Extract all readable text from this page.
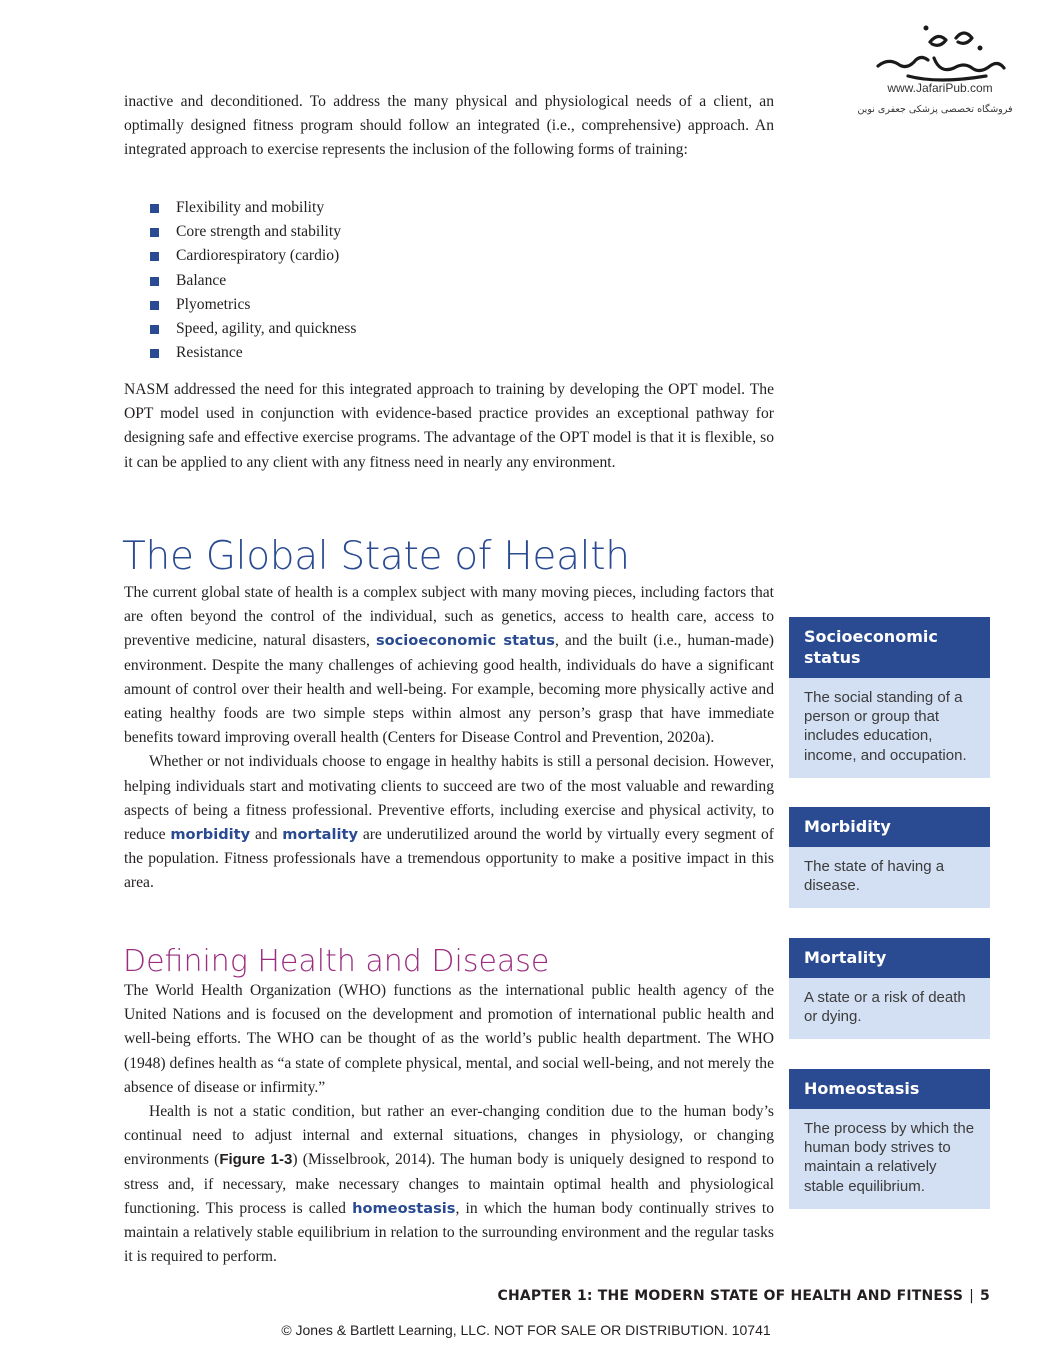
www.JafariPub.com
فروشگاه تخصصی پزشکی جعفری نوین

inactive and deconditioned. To address the many physical and physiological needs of a client, an optimally designed fitness program should follow an integrated (i.e., comprehensive) approach. An integrated approach to exercise represents the inclusion of the following forms of training:

Flexibility and mobility
Core strength and stability
Cardiorespiratory (cardio)
Balance
Plyometrics
Speed, agility, and quickness
Resistance

NASM addressed the need for this integrated approach to training by developing the OPT model. The OPT model used in conjunction with evidence-based practice provides an exceptional pathway for designing safe and effective exercise programs. The advantage of the OPT model is that it is flexible, so it can be applied to any client with any fitness need in nearly any environment.

The Global State of Health

The current global state of health is a complex subject with many moving pieces, including factors that are often beyond the control of the individual, such as genetics, access to health care, access to preventive medicine, natural disasters, socioeconomic status, and the built (i.e., human-made) environment. Despite the many challenges of achieving good health, individuals do have a significant amount of control over their health and well-being. For example, becoming more physically active and eating healthy foods are two simple steps within almost any person’s grasp that have immediate benefits toward improving overall health (Centers for Disease Control and Prevention, 2020a).

Whether or not individuals choose to engage in healthy habits is still a personal decision. However, helping individuals start and motivating clients to succeed are two of the most valuable and rewarding aspects of being a fitness professional. Preventive efforts, including exercise and physical activity, to reduce morbidity and mortality are underutilized around the world by virtually every segment of the population. Fitness professionals have a tremendous opportunity to make a positive impact in this area.

Defining Health and Disease

The World Health Organization (WHO) functions as the international public health agency of the United Nations and is focused on the development and promotion of international public health and well-being efforts. The WHO can be thought of as the world’s public health department. The WHO (1948) defines health as “a state of complete physical, mental, and social well-being, and not merely the absence of disease or infirmity.”

Health is not a static condition, but rather an ever-changing condition due to the human body’s continual need to adjust internal and external situations, changes in physiology, or changing environments (Figure 1-3) (Misselbrook, 2014). The human body is uniquely designed to respond to stress and, if necessary, make necessary changes to maintain optimal health and physiological functioning. This process is called homeostasis, in which the human body continually strives to maintain a relatively stable equilibrium in relation to the surrounding environment and the regular tasks it is required to perform.

Socioeconomic status
The social standing of a person or group that includes education, income, and occupation.
Morbidity
The state of having a disease.
Mortality
A state or a risk of death or dying.
Homeostasis
The process by which the human body strives to maintain a relatively stable equilibrium.
CHAPTER 1: THE MODERN STATE OF HEALTH AND FITNESS | 5
© Jones & Bartlett Learning, LLC. NOT FOR SALE OR DISTRIBUTION. 10741
